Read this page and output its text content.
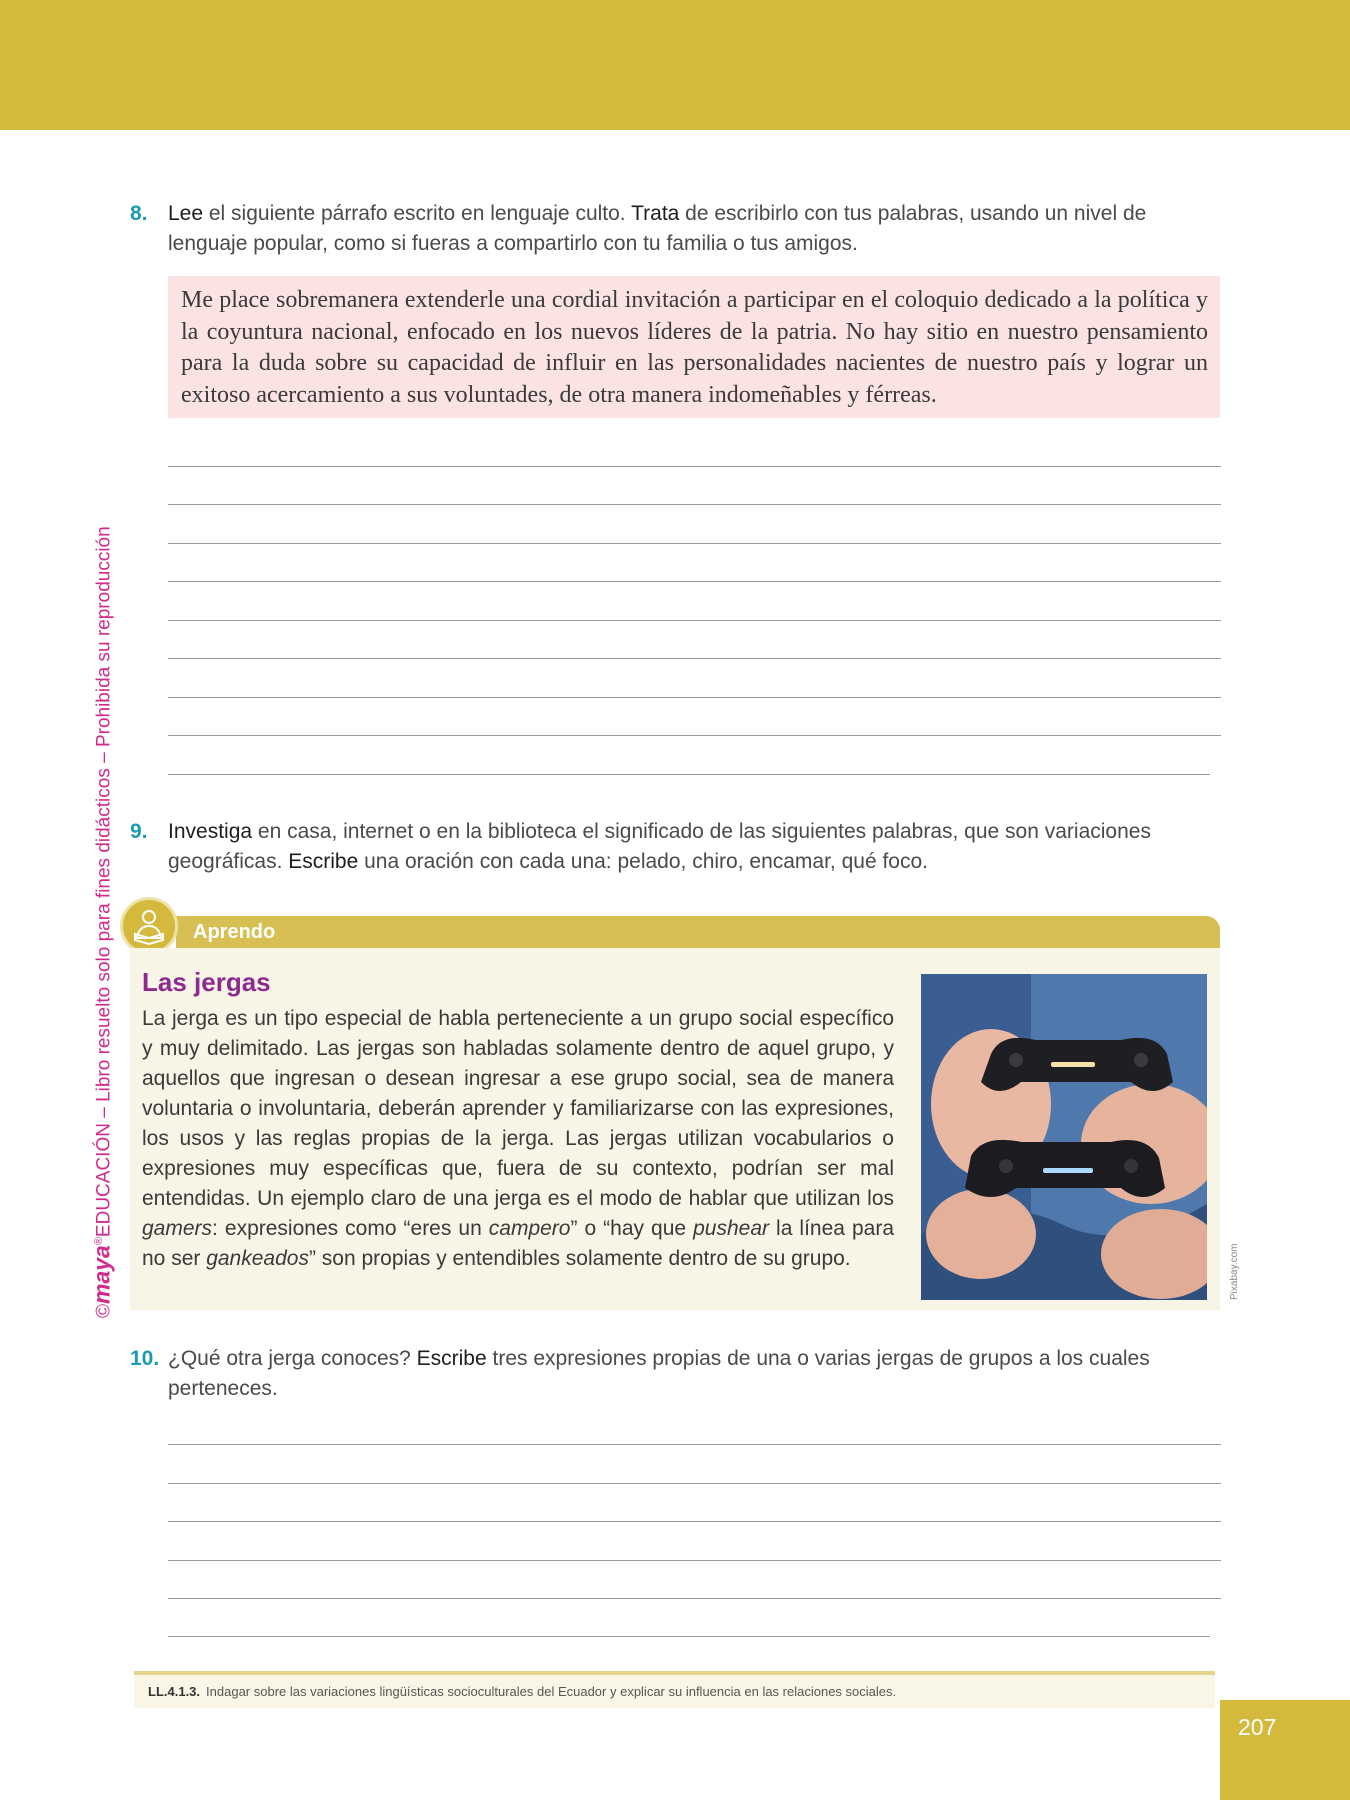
©maya®EDUCACIÓN – Libro resuelto solo para fines didácticos – Prohibida su reproducción
8. Lee el siguiente párrafo escrito en lenguaje culto. Trata de escribirlo con tus palabras, usando un nivel de lenguaje popular, como si fueras a compartirlo con tu familia o tus amigos.
Me place sobremanera extenderle una cordial invitación a participar en el coloquio dedicado a la política y la coyuntura nacional, enfocado en los nuevos líderes de la patria. No hay sitio en nuestro pensamiento para la duda sobre su capacidad de influir en las personalidades nacientes de nuestro país y lograr un exitoso acercamiento a sus voluntades, de otra manera indomeñables y férreas.
9. Investiga en casa, internet o en la biblioteca el significado de las siguientes palabras, que son variaciones geográficas. Escribe una oración con cada una: pelado, chiro, encamar, qué foco.
Aprendo
Las jergas
La jerga es un tipo especial de habla perteneciente a un grupo social específico y muy delimitado. Las jergas son habladas solamente dentro de aquel grupo, y aquellos que ingresan o desean ingresar a ese grupo social, sea de manera voluntaria o involuntaria, deberán aprender y familiarizarse con las expresiones, los usos y las reglas propias de la jerga. Las jergas utilizan vocabularios o expresiones muy específicas que, fuera de su contexto, podrían ser mal entendidas. Un ejemplo claro de una jerga es el modo de hablar que utilizan los gamers: expresiones como “eres un campero” o “hay que pushear la línea para no ser gankeados” son propias y entendibles solamente dentro de su grupo.	Pixabay.com
10. ¿Qué otra jerga conoces? Escribe tres expresiones propias de una o varias jergas de grupos a los cuales perteneces.
LL.4.1.3. Indagar sobre las variaciones lingüísticas socioculturales del Ecuador y explicar su influencia en las relaciones sociales.
207
